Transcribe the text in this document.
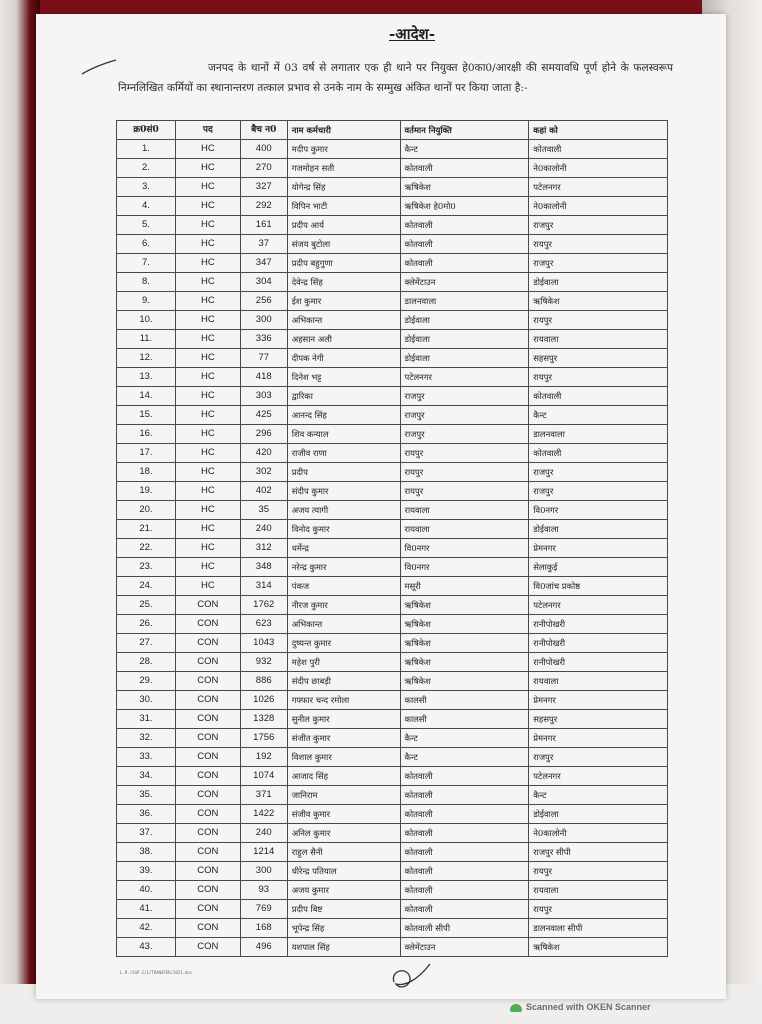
-आदेश-
जनपद के थानों में 03 वर्ष से लगातार एक ही थाने पर नियुक्त हे0का0/आरक्षी की समयावधि पूर्ण होने के फलस्वरूप निम्नलिखित कर्मियों का स्थानान्तरण तत्काल प्रभाव से उनके नाम के सम्मुख अंकित थानों पर किया जाता है:-
क्र0सं0	पद	बैच न0	नाम कर्मचारी	वर्तमान नियुक्ति	कहां को
1.	HC	400	मदीप कुमार	कैन्ट	कोतवाली
2.	HC	270	गजमोहन सती	कोतवाली	ने0कालोनी
3.	HC	327	योगेन्द्र सिंह	ऋषिकेश	पटेलनगर
4.	HC	292	विपिन भाटी	ऋषिकेश हे0मो0	ने0कालोनी
5.	HC	161	प्रदीप आर्य	कोतवाली	राजपुर
6.	HC	37	संजय बुटोला	कोतवाली	रायपुर
7.	HC	347	प्रदीप बहुगुणा	कोतवाली	राजपुर
8.	HC	304	देवेन्द्र सिंह	क्लेमेंटाउन	डोईवाला
9.	HC	256	ईश कुमार	डालनवाला	ऋषिकेश
10.	HC	300	अभिकान्त	डोईवाला	रायपुर
11.	HC	336	अहसान अली	डोईवाला	रायवाला
12.	HC	77	दीपक नेगी	डोईवाला	सहसपुर
13.	HC	418	दिनेश भट्ट	पटेलनगर	रायपुर
14.	HC	303	द्वारिका	राजपुर	कोतवाली
15.	HC	425	आनन्द सिंह	राजपुर	कैन्ट
16.	HC	296	शिव कन्याल	राजपुर	डालनवाला
17.	HC	420	राजीव राणा	रायपुर	कोतवाली
18.	HC	302	प्रदीप	रायपुर	राजपुर
19.	HC	402	संदीप कुमार	रायपुर	राजपुर
20.	HC	35	अजय त्यागी	रायवाला	वि0नगर
21.	HC	240	विनोद कुमार	रायवाला	डोईवाला
22.	HC	312	धर्मेन्द्र	वि0नगर	प्रेमनगर
23.	HC	348	नरेन्द्र कुमार	वि0नगर	सेलाकुई
24.	HC	314	पंकज	मसूरी	वि0जांच प्रकोष्ठ
25.	CON	1762	नीरज कुमार	ऋषिकेश	पटेलनगर
26.	CON	623	अभिकान्त	ऋषिकेश	रानीपोखरी
27.	CON	1043	दुष्यन्त कुमार	ऋषिकेश	रानीपोखरी
28.	CON	932	महेश पुरी	ऋषिकेश	रानीपोखरी
29.	CON	886	संदीप छाबड़ी	ऋषिकेश	रायवाला
30.	CON	1026	गफ्फार चन्द रमोला	कालसी	प्रेमनगर
31.	CON	1328	सुनील कुमार	कालसी	सहसपुर
32.	CON	1756	संजीत कुमार	कैन्ट	प्रेमनगर
33.	CON	192	विशाल कुमार	कैन्ट	राजपुर
34.	CON	1074	आजाद सिंह	कोतवाली	पटेलनगर
35.	CON	371	जानिराम	कोतवाली	कैन्ट
36.	CON	1422	संजीव कुमार	कोतवाली	डोईवाला
37.	CON	240	अनिल कुमार	कोतवाली	ने0कालोनी
38.	CON	1214	राहुल सैनी	कोतवाली	राजपुर सीपी
39.	CON	300	धीरेन्द्र पतियाल	कोतवाली	रायपुर
40.	CON	93	अजय कुमार	कोतवाली	रायवाला
41.	CON	769	प्रदीप बिष्ट	कोतवाली	रायपुर
42.	CON	168	भूपेन्द्र सिंह	कोतवाली सीपी	डालनवाला सीपी
43.	CON	496	यशपाल सिंह	क्लेमेंटाउन	ऋषिकेश
L.R./SSP-2/1/TRANSFER/2021.doc
Scanned with OKEN Scanner
